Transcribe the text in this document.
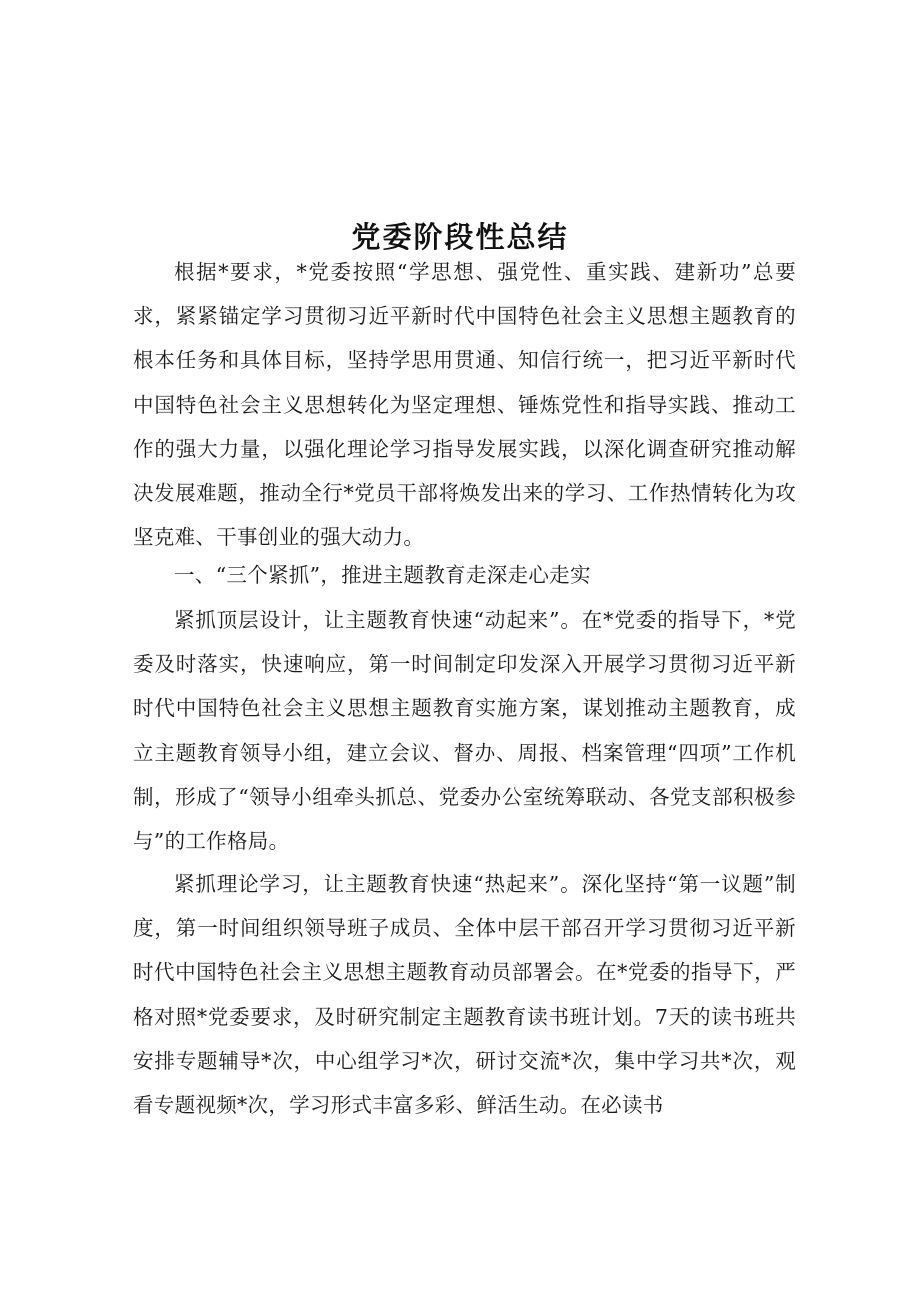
党委阶段性总结

根据*要求，*党委按照“学思想、强党性、重实践、建新功”总要求，紧紧锚定学习贯彻习近平新时代中国特色社会主义思想主题教育的根本任务和具体目标，坚持学思用贯通、知信行统一，把习近平新时代中国特色社会主义思想转化为坚定理想、锤炼党性和指导实践、推动工作的强大力量，以强化理论学习指导发展实践，以深化调查研究推动解决发展难题，推动全行*党员干部将焕发出来的学习、工作热情转化为攻坚克难、干事创业的强大动力。

一、“三个紧抓”，推进主题教育走深走心走实

紧抓顶层设计，让主题教育快速“动起来”。在*党委的指导下，*党委及时落实，快速响应，第一时间制定印发深入开展学习贯彻习近平新时代中国特色社会主义思想主题教育实施方案，谋划推动主题教育，成立主题教育领导小组，建立会议、督办、周报、档案管理“四项”工作机制，形成了“领导小组牵头抓总、党委办公室统筹联动、各党支部积极参与”的工作格局。

紧抓理论学习，让主题教育快速“热起来”。深化坚持“第一议题”制度，第一时间组织领导班子成员、全体中层干部召开学习贯彻习近平新时代中国特色社会主义思想主题教育动员部署会。在*党委的指导下，严格对照*党委要求，及时研究制定主题教育读书班计划。7天的读书班共安排专题辅导*次，中心组学习*次，研讨交流*次，集中学习共*次，观看专题视频*次，学习形式丰富多彩、鲜活生动。在必读书
